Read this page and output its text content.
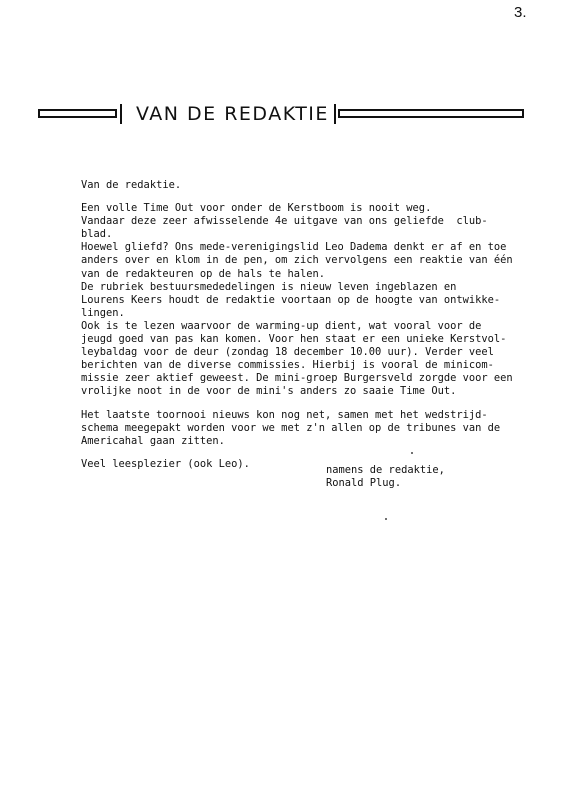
3.
VAN DE REDAKTIE
Van de redaktie.
Een volle Time Out voor onder de Kerstboom is nooit weg.
Vandaar deze zeer afwisselende 4e uitgave van ons geliefde  club-
blad.
Hoewel gliefd? Ons mede-verenigingslid Leo Dadema denkt er af en toe
anders over en klom in de pen, om zich vervolgens een reaktie van één
van de redakteuren op de hals te halen.
De rubriek bestuursmededelingen is nieuw leven ingeblazen en
Lourens Keers houdt de redaktie voortaan op de hoogte van ontwikke-
lingen.
Ook is te lezen waarvoor de warming-up dient, wat vooral voor de
jeugd goed van pas kan komen. Voor hen staat er een unieke Kerstvol-
leybaldag voor de deur (zondag 18 december 10.00 uur). Verder veel
berichten van de diverse commissies. Hierbij is vooral de minicom-
missie zeer aktief geweest. De mini-groep Burgersveld zorgde voor een
vrolijke noot in de voor de mini's anders zo saaie Time Out.
Het laatste toornooi nieuws kon nog net, samen met het wedstrijd-
schema meegepakt worden voor we met z'n allen op de tribunes van de
Americahal gaan zitten.
Veel leesplezier (ook Leo).
namens de redaktie,
Ronald Plug.
